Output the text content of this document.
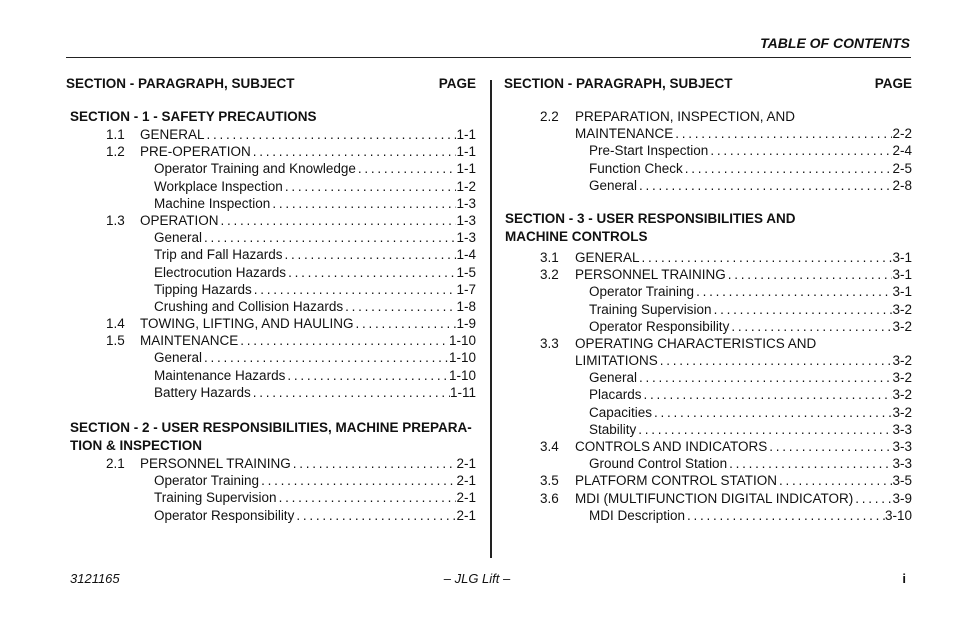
TABLE OF CONTENTS
SECTION - PARAGRAPH, SUBJECT	PAGE
SECTION - 1 - SAFETY PRECAUTIONS
1.1 GENERAL . . .	1-1
1.2 PRE-OPERATION . . .	1-1
Operator Training and Knowledge . . .	1-1
Workplace Inspection . . .	1-2
Machine Inspection . . .	1-3
1.3 OPERATION . . .	1-3
General . . .	1-3
Trip and Fall Hazards . . .	1-4
Electrocution Hazards . . .	1-5
Tipping Hazards . . .	1-7
Crushing and Collision Hazards . . .	1-8
1.4 TOWING, LIFTING, AND HAULING . . .	1-9
1.5 MAINTENANCE . . .	1-10
General . . .	1-10
Maintenance Hazards . . .	1-10
Battery Hazards . . .	1-11
SECTION - 2 - USER RESPONSIBILITIES, MACHINE PREPARA-
TION & INSPECTION
2.1 PERSONNEL TRAINING . . .	2-1
Operator Training . . .	2-1
Training Supervision . . .	2-1
Operator Responsibility . . .	2-1
SECTION - PARAGRAPH, SUBJECT	PAGE
2.2 PREPARATION, INSPECTION, AND
MAINTENANCE . . .	2-2
Pre-Start Inspection . . .	2-4
Function Check . . .	2-5
General . . .	2-8
SECTION - 3 - USER RESPONSIBILITIES AND
MACHINE CONTROLS
3.1 GENERAL . . .	3-1
3.2 PERSONNEL TRAINING . . .	3-1
Operator Training . . .	3-1
Training Supervision . . .	3-2
Operator Responsibility . . .	3-2
3.3 OPERATING CHARACTERISTICS AND
LIMITATIONS . . .	3-2
General . . .	3-2
Placards . . .	3-2
Capacities . . .	3-2
Stability . . .	3-3
3.4 CONTROLS AND INDICATORS . . .	3-3
Ground Control Station . . .	3-3
3.5 PLATFORM CONTROL STATION . . .	3-5
3.6 MDI (MULTIFUNCTION DIGITAL INDICATOR) . . .	3-9
MDI Description . . .	3-10
3121165	– JLG Lift –	i
